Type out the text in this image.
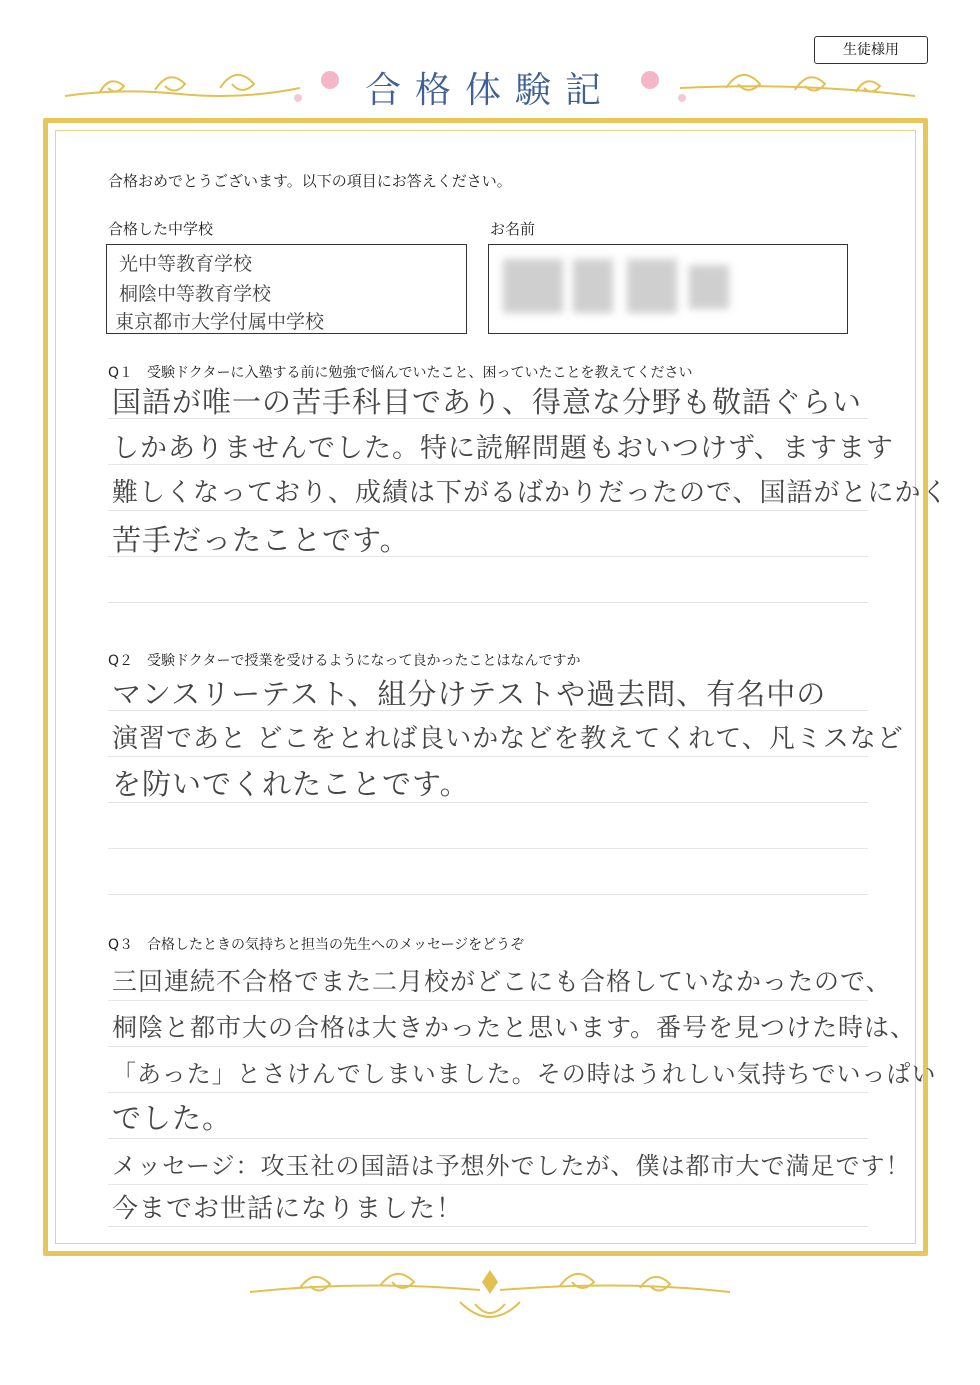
生徒様用
合格体験記
合格おめでとうございます。以下の項目にお答えください。
合格した中学校	お名前
光中等教育学校
桐陰中等教育学校
東京都市大学付属中学校
Q１　受験ドクターに入塾する前に勉強で悩んでいたこと、困っていたことを教えてください
国語が唯一の苦手科目であり、得意な分野も敬語ぐらい
しかありませんでした。特に読解問題もおいつけず、ますます
難しくなっており、成績は下がるばかりだったので、国語がとにかく
苦手だったことです。
Q２　受験ドクターで授業を受けるようになって良かったことはなんですか
マンスリーテスト、組分けテストや過去問、有名中の
演習であと どこをとれば良いかなどを教えてくれて、凡ミスなど
を防いでくれたことです。
Q３　合格したときの気持ちと担当の先生へのメッセージをどうぞ
三回連続不合格でまた二月校がどこにも合格していなかったので、
桐陰と都市大の合格は大きかったと思います。番号を見つけた時は、
「あった」とさけんでしまいました。その時はうれしい気持ちでいっぱい
でした。
メッセージ：攻玉社の国語は予想外でしたが、僕は都市大で満足です！
今までお世話になりました！
